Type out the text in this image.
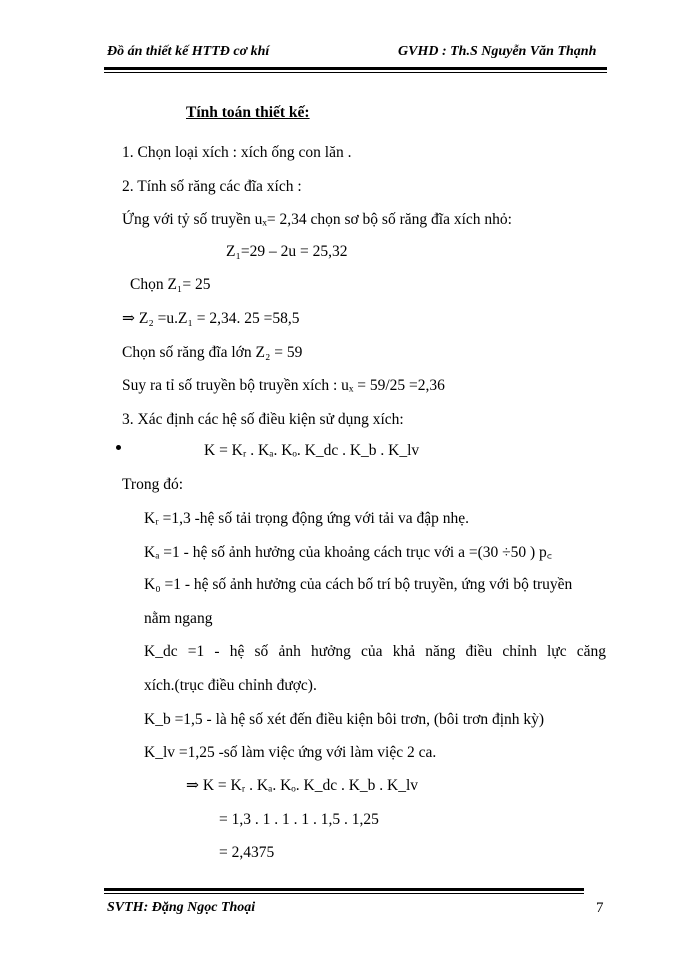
Đồ án thiết kế HTTĐ cơ khí	GVHD : Th.S Nguyễn Văn Thạnh
Tính toán thiết kế:
1. Chọn loại xích : xích ống con lăn .
2. Tính số răng các đĩa xích :
Ứng với tỷ số truyền uₓ= 2,34 chọn sơ bộ số răng đĩa xích nhỏ:
Z₁=29 – 2u = 25,32
Chọn Z₁= 25
⇒ Z₂ =u.Z₁ = 2,34. 25 =58,5
Chọn số răng đĩa lớn Z₂ = 59
Suy ra tỉ số truyền bộ truyền xích : uₓ = 59/25 =2,36
3. Xác định các hệ số điều kiện sử dụng xích:
K = Kᵣ . Kₐ. Kₒ. K_dc . K_b . K_lv
Trong đó:
Kᵣ =1,3 -hệ số tải trọng động ứng với tải va đập nhẹ.
Kₐ =1 - hệ số ảnh hưởng của khoảng cách trục với a =(30 ÷50 ) p꜀
K₀ =1 - hệ số ảnh hưởng của cách bố trí bộ truyền, ứng với bộ truyền
nằm ngang
K_dc =1 - hệ số ảnh hưởng của khả năng điều chỉnh lực căng
xích.(trục điều chỉnh được).
K_b =1,5 - là hệ số xét đến điều kiện bôi trơn, (bôi trơn định kỳ)
K_lv =1,25 -số làm việc ứng với làm việc 2 ca.
⇒ K = Kᵣ . Kₐ. Kₒ. K_dc . K_b . K_lv
= 1,3 . 1 . 1 . 1 . 1,5 . 1,25
= 2,4375
SVTH: Đặng Ngọc Thoại	7
